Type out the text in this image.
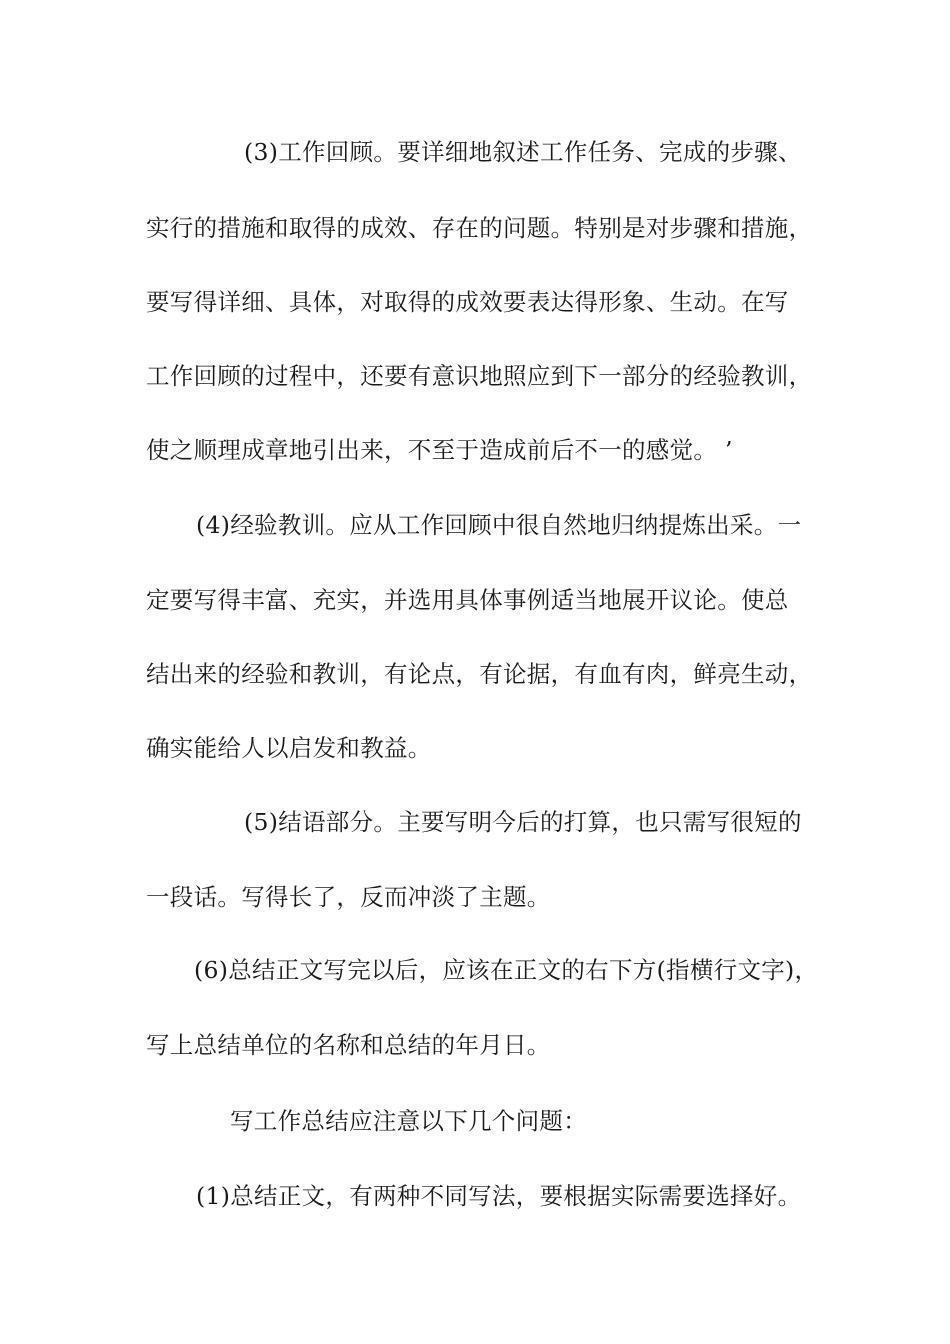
(3)工作回顾。要详细地叙述工作任务、完成的步骤、
实行的措施和取得的成效、存在的问题。特别是对步骤和措施，
要写得详细、具体，对取得的成效要表达得形象、生动。在写
工作回顾的过程中，还要有意识地照应到下一部分的经验教训，
使之顺理成章地引出来，不至于造成前后不一的感觉。 ’
(4)经验教训。应从工作回顾中很自然地归纳提炼出采。一
定要写得丰富、充实，并选用具体事例适当地展开议论。使总
结出来的经验和教训，有论点，有论据，有血有肉，鲜亮生动，
确实能给人以启发和教益。
(5)结语部分。主要写明今后的打算，也只需写很短的
一段话。写得长了，反而冲淡了主题。
(6)总结正文写完以后，应该在正文的右下方(指横行文字)，
写上总结单位的名称和总结的年月日。
写工作总结应注意以下几个问题：
(1)总结正文，有两种不同写法，要根据实际需要选择好。
